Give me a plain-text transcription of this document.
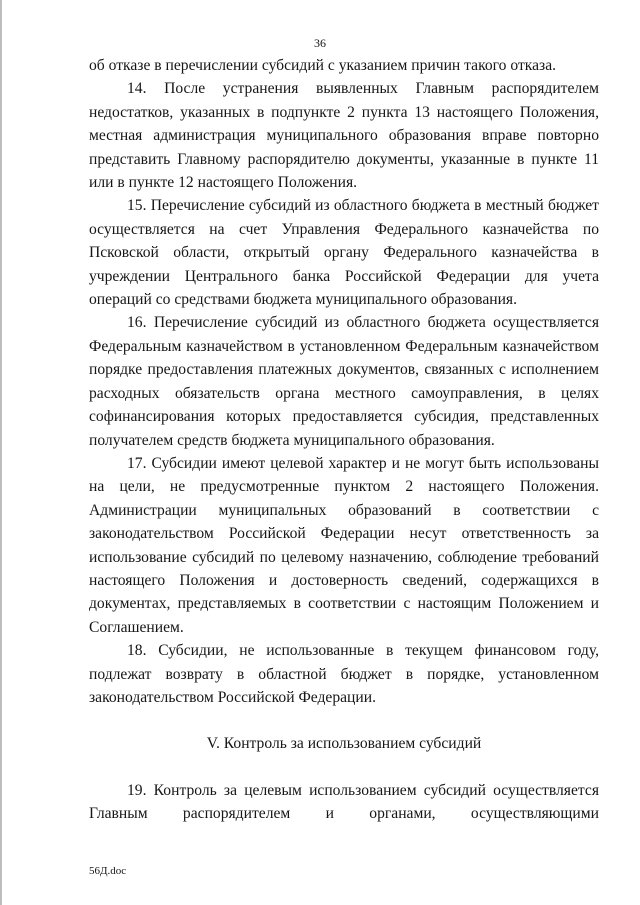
36

об отказе в перечислении субсидий с указанием причин такого отказа.

14. После устранения выявленных Главным распорядителем недостатков, указанных в подпункте 2 пункта 13 настоящего Положения, местная администрация муниципального образования вправе повторно представить Главному распорядителю документы, указанные в пункте 11 или в пункте 12 настоящего Положения.

15. Перечисление субсидий из областного бюджета в местный бюджет осуществляется на счет Управления Федерального казначейства по Псковской области, открытый органу Федерального казначейства в учреждении Центрального банка Российской Федерации для учета операций со средствами бюджета муниципального образования.

16. Перечисление субсидий из областного бюджета осуществляется Федеральным казначейством в установленном Федеральным казначейством порядке предоставления платежных документов, связанных с исполнением расходных обязательств органа местного самоуправления, в целях софинансирования которых предоставляется субсидия, представленных получателем средств бюджета муниципального образования.

17. Субсидии имеют целевой характер и не могут быть использованы на цели, не предусмотренные пунктом 2 настоящего Положения. Администрации муниципальных образований в соответствии с законодательством Российской Федерации несут ответственность за использование субсидий по целевому назначению, соблюдение требований настоящего Положения и достоверность сведений, содержащихся в документах, представляемых в соответствии с настоящим Положением и Соглашением.

18. Субсидии, не использованные в текущем финансовом году, подлежат возврату в областной бюджет в порядке, установленном законодательством Российской Федерации.

V. Контроль за использованием субсидий

19. Контроль за целевым использованием субсидий осуществляется Главным распорядителем и органами, осуществляющими

56Д.doc
